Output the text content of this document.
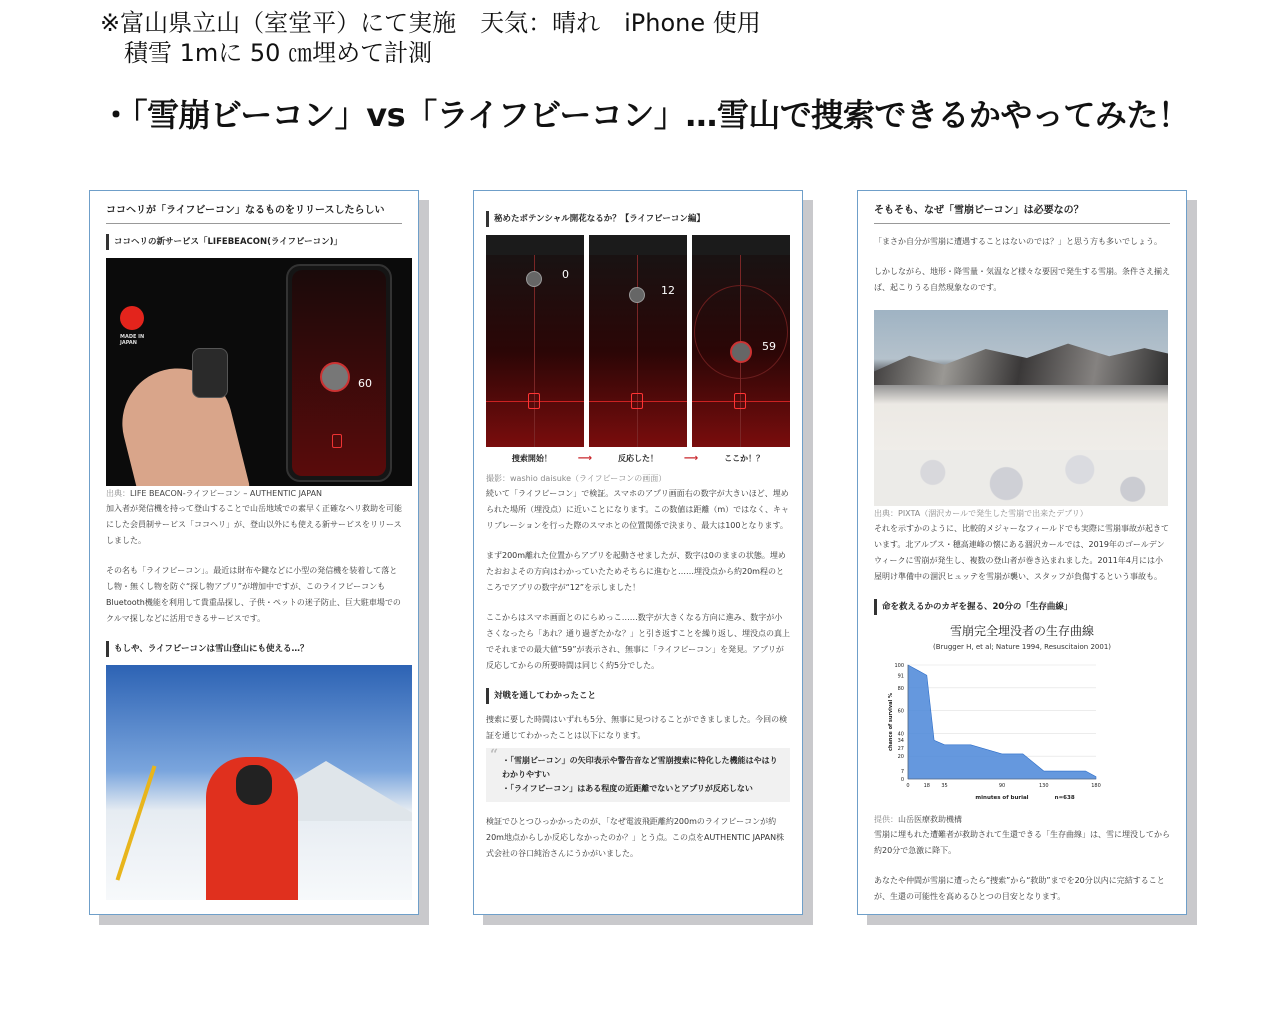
※富山県立山（室堂平）にて実施　天気：晴れ　iPhone 使用
積雪 1mに 50 ㎝埋めて計測
・「雪崩ビーコン」vs「ライフビーコン」…雪山で捜索できるかやってみた！
ココヘリが「ライフビーコン」なるものをリリースしたらしい
ココヘリの新サービス「LIFEBEACON(ライフビーコン)」
MADE IN
JAPAN
60
出典：LIFE BEACON-ライフビーコン – AUTHENTIC JAPAN

加入者が発信機を持って登山することで山岳地域での素早く正確なヘリ救助を可能にした会員制サービス「ココヘリ」が、登山以外にも使える新サービスをリリースしました。

その名も「ライフビーコン」。最近は財布や鍵などに小型の発信機を装着して落とし物・無くし物を防ぐ“探し物アプリ”が増加中ですが、このライフビーコンもBluetooth機能を利用して貴重品探し、子供・ペットの迷子防止、巨大駐車場でのクルマ探しなどに活用できるサービスです。

もしや、ライフビーコンは雪山登山にも使える…？
秘めたポテンシャル開花なるか？【ライフビーコン編】
0
12
59
捜索開始！	⟶	反応した！	⟶	ここか！？
撮影：washio daisuke（ライフビーコンの画面）

続いて「ライフビーコン」で検証。スマホのアプリ画面右の数字が大きいほど、埋められた場所（埋没点）に近いことになります。この数値は距離（m）ではなく、キャリブレーションを行った際のスマホとの位置関係で決まり、最大は100となります。

まず200m離れた位置からアプリを起動させましたが、数字は0のままの状態。埋めたおおよその方向はわかっていたためそちらに進むと……埋没点から約20m程のところでアプリの数字が“12”を示しました！

ここからはスマホ画面とのにらめっこ……数字が大きくなる方向に進み、数字が小さくなったら「あれ？通り過ぎたかな？」と引き返すことを繰り返し、埋没点の真上でそれまでの最大値“59”が表示され、無事に「ライフビーコン」を発見。アプリが反応してからの所要時間は同じく約5分でした。

対戦を通してわかったこと

捜索に要した時間はいずれも5分、無事に見つけることができましました。今回の検証を通じてわかったことは以下になります。

“ ・「雪崩ビーコン」の矢印表示や警告音など雪崩捜索に特化した機能はやはりわかりやすい
・「ライフビーコン」はある程度の近距離でないとアプリが反応しない

検証でひとつひっかかったのが、「なぜ電波飛距離約200mのライフビーコンが約20m地点からしか反応しなかったのか？」とう点。この点をAUTHENTIC JAPAN株式会社の谷口純治さんにうかがいました。

そもそも、なぜ「雪崩ビーコン」は必要なの？

「まさか自分が雪崩に遭遇することはないのでは？」と思う方も多いでしょう。

しかしながら、地形・降雪量・気温など様々な要因で発生する雪崩。条件さえ揃えば、起こりうる自然現象なのです。

出典：PIXTA（涸沢カールで発生した雪崩で出来たデブリ）

それを示すかのように、比較的メジャーなフィールドでも実際に雪崩事故が起きています。北アルプス・穂高連峰の懐にある涸沢カールでは、2019年のゴールデンウィークに雪崩が発生し、複数の登山者が巻き込まれました。2011年4月には小屋明け準備中の涸沢ヒュッテを雪崩が襲い、スタッフが負傷するという事故も。

命を救えるかのカギを握る、20分の「生存曲線」
雪崩完全埋没者の生存曲線
(Brugger H, et al; Nature 1994, Resuscitaion 2001)
0
7
20
27
34
40
60
80
91
100
0	18 35	90	130	180
minutes of burial	n=638
chance of survival %
提供：山岳医療救助機構

雪崩に埋もれた遭難者が救助されて生還できる「生存曲線」は、雪に埋没してから約20分で急激に降下。

あなたや仲間が雪崩に遭ったら“捜索”から“救助”までを20分以内に完結することが、生還の可能性を高めるひとつの目安となります。
